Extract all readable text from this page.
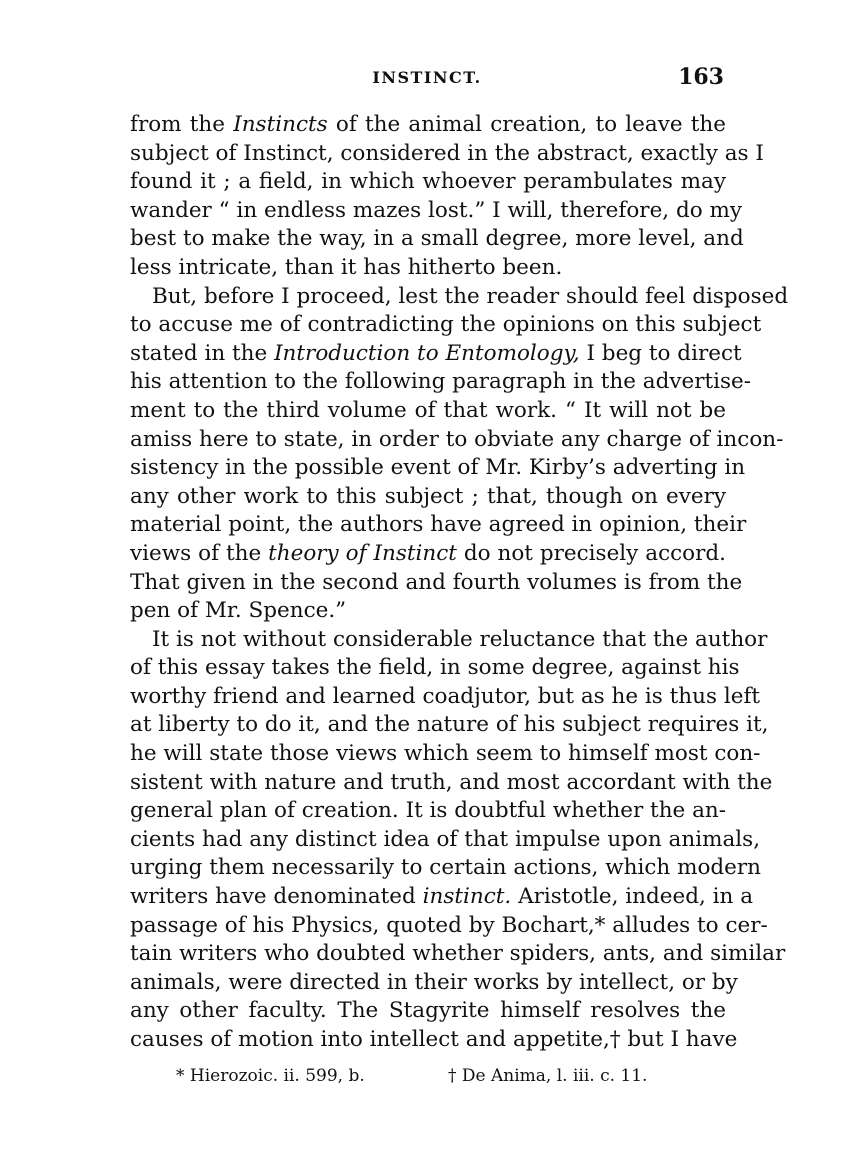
INSTINCT.	163
from the Instincts of the animal creation, to leave the
subject of Instinct, considered in the abstract, exactly as I
found it ; a field, in which whoever perambulates may
wander “ in endless mazes lost.” I will, therefore, do my
best to make the way, in a small degree, more level, and
less intricate, than it has hitherto been.
But, before I proceed, lest the reader should feel disposed
to accuse me of contradicting the opinions on this subject
stated in the Introduction to Entomology, I beg to direct
his attention to the following paragraph in the advertise-
ment to the third volume of that work. “ It will not be
amiss here to state, in order to obviate any charge of incon-
sistency in the possible event of Mr. Kirby’s adverting in
any other work to this subject ; that, though on every
material point, the authors have agreed in opinion, their
views of the theory of Instinct do not precisely accord.
That given in the second and fourth volumes is from the
pen of Mr. Spence.”
It is not without considerable reluctance that the author
of this essay takes the field, in some degree, against his
worthy friend and learned coadjutor, but as he is thus left
at liberty to do it, and the nature of his subject requires it,
he will state those views which seem to himself most con-
sistent with nature and truth, and most accordant with the
general plan of creation. It is doubtful whether the an-
cients had any distinct idea of that impulse upon animals,
urging them necessarily to certain actions, which modern
writers have denominated instinct. Aristotle, indeed, in a
passage of his Physics, quoted by Bochart,* alludes to cer-
tain writers who doubted whether spiders, ants, and similar
animals, were directed in their works by intellect, or by
any other faculty. The Stagyrite himself resolves the
causes of motion into intellect and appetite,† but I have
* Hierozoic. ii. 599, b.	† De Anima, l. iii. c. 11.
